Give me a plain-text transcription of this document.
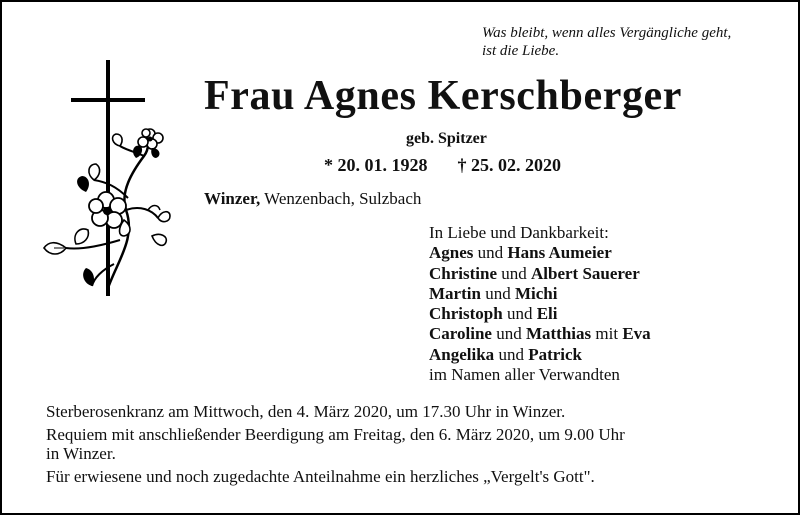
Was bleibt, wenn alles Vergängliche geht,
ist die Liebe.
Frau Agnes Kerschberger
geb. Spitzer
* 20. 01. 1928 † 25. 02. 2020
Winzer, Wenzenbach, Sulzbach
In Liebe und Dankbarkeit:
Agnes und Hans Aumeier
Christine und Albert Sauerer
Martin und Michi
Christoph und Eli
Caroline und Matthias mit Eva
Angelika und Patrick
im Namen aller Verwandten

Sterberosenkranz am Mittwoch, den 4. März 2020, um 17.30 Uhr in Winzer.

Requiem mit anschließender Beerdigung am Freitag, den 6. März 2020, um 9.00 Uhr
in Winzer.

Für erwiesene und noch zugedachte Anteilnahme ein herzliches „Vergelt's Gott".
